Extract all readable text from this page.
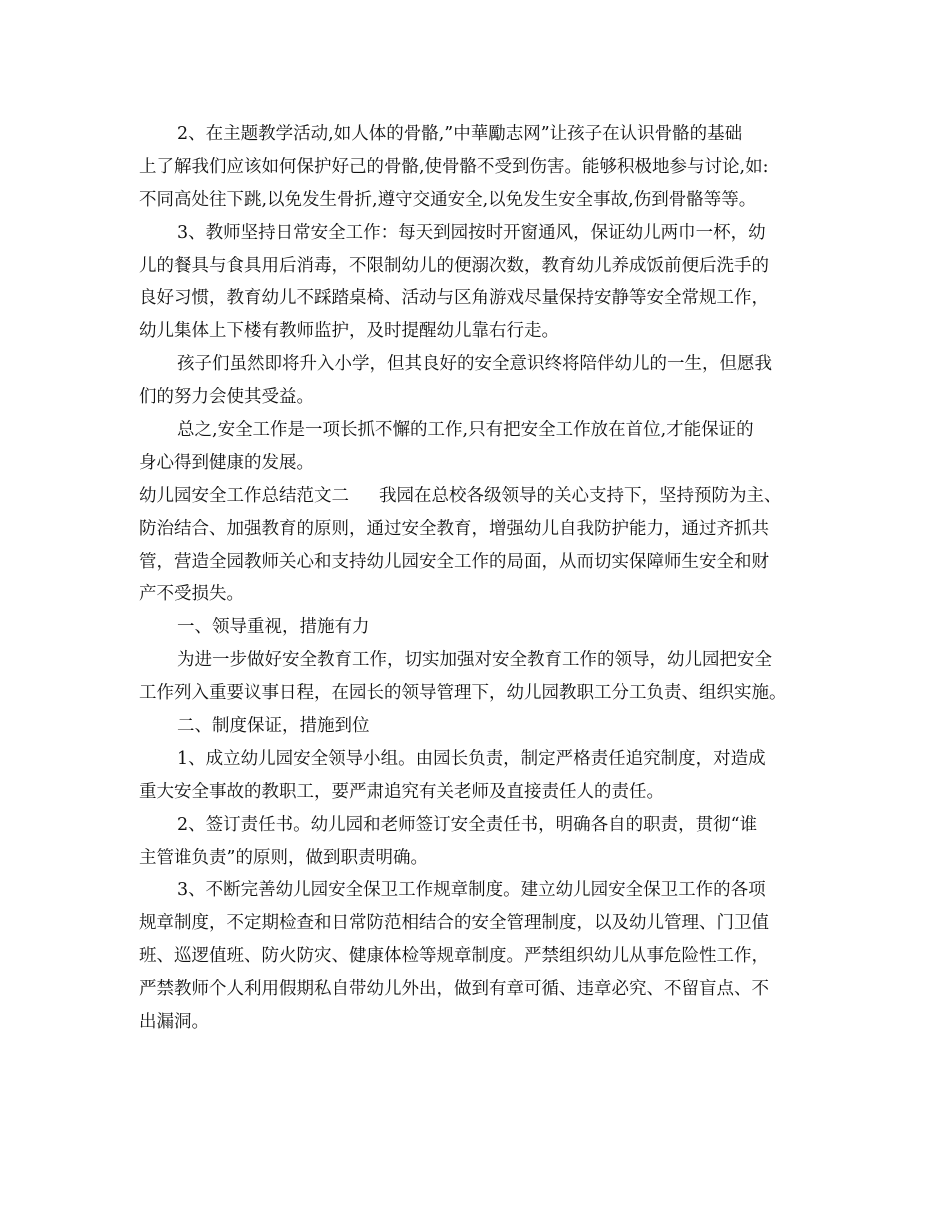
2、在主题教学活动,如人体的骨骼,”中華勵志网”让孩子在认识骨骼的基础
上了解我们应该如何保护好己的骨骼,使骨骼不受到伤害。能够积极地参与讨论,如:
不同高处往下跳,以免发生骨折,遵守交通安全,以免发生安全事故,伤到骨骼等等。
3、教师坚持日常安全工作：每天到园按时开窗通风，保证幼儿两巾一杯，幼
儿的餐具与食具用后消毒，不限制幼儿的便溺次数，教育幼儿养成饭前便后洗手的
良好习惯，教育幼儿不踩踏桌椅、活动与区角游戏尽量保持安静等安全常规工作，
幼儿集体上下楼有教师监护，及时提醒幼儿靠右行走。
孩子们虽然即将升入小学，但其良好的安全意识终将陪伴幼儿的一生，但愿我
们的努力会使其受益。
总之,安全工作是一项长抓不懈的工作,只有把安全工作放在首位,才能保证的
身心得到健康的发展。
幼儿园安全工作总结范文二 我园在总校各级领导的关心支持下，坚持预防为主、
防治结合、加强教育的原则，通过安全教育，增强幼儿自我防护能力，通过齐抓共
管，营造全园教师关心和支持幼儿园安全工作的局面，从而切实保障师生安全和财
产不受损失。
一、领导重视，措施有力
为进一步做好安全教育工作，切实加强对安全教育工作的领导，幼儿园把安全
工作列入重要议事日程，在园长的领导管理下，幼儿园教职工分工负责、组织实施。
二、制度保证，措施到位
1、成立幼儿园安全领导小组。由园长负责，制定严格责任追究制度，对造成
重大安全事故的教职工，要严肃追究有关老师及直接责任人的责任。
2、签订责任书。幼儿园和老师签订安全责任书，明确各自的职责，贯彻“谁
主管谁负责”的原则，做到职责明确。
3、不断完善幼儿园安全保卫工作规章制度。建立幼儿园安全保卫工作的各项
规章制度，不定期检查和日常防范相结合的安全管理制度，以及幼儿管理、门卫值
班、巡逻值班、防火防灾、健康体检等规章制度。严禁组织幼儿从事危险性工作，
严禁教师个人利用假期私自带幼儿外出，做到有章可循、违章必究、不留盲点、不
出漏洞。
